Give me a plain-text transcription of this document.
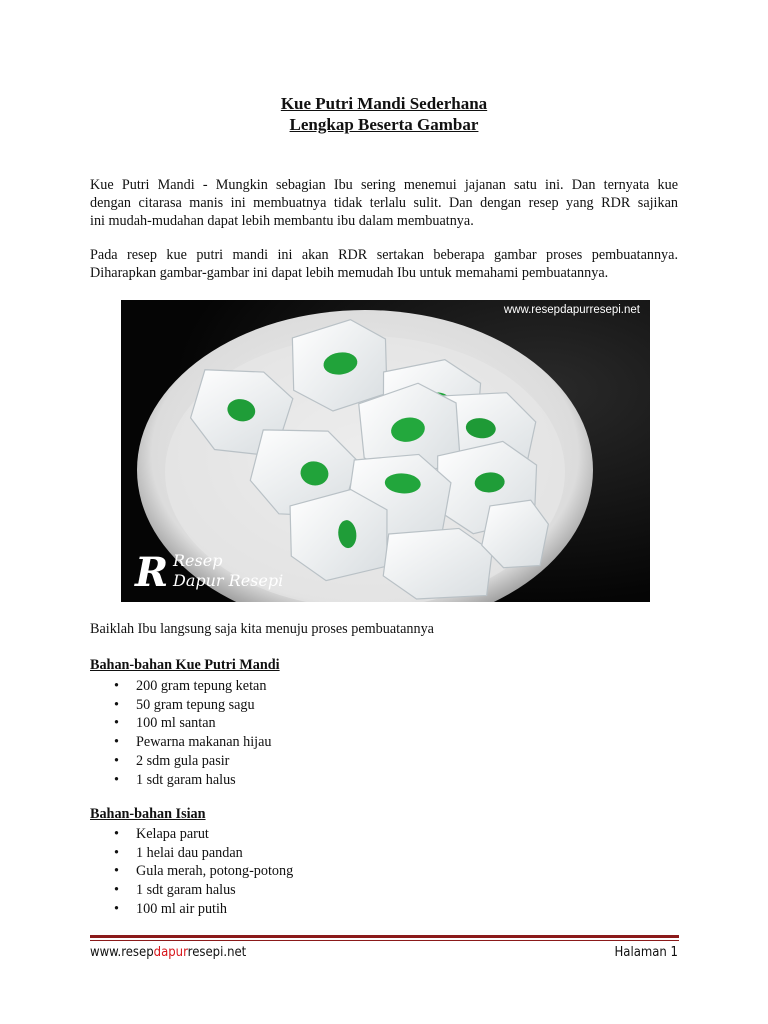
Kue Putri Mandi Sederhana
Lengkap Beserta Gambar
Kue Putri Mandi - Mungkin sebagian Ibu sering menemui jajanan satu ini. Dan ternyata kue
dengan citarasa manis ini membuatnya tidak terlalu sulit. Dan dengan resep yang RDR sajikan
ini mudah-mudahan dapat lebih membantu ibu dalam membuatnya.
Pada resep kue putri mandi ini akan RDR sertakan beberapa gambar proses pembuatannya.
Diharapkan gambar-gambar ini dapat lebih memudah Ibu untuk memahami pembuatannya.
R Resep
Dapur Resepi
www.resepdapurresepi.net
Baiklah Ibu langsung saja kita menuju proses pembuatannya
Bahan-bahan Kue Putri Mandi
• 200 gram tepung ketan
• 50 gram tepung sagu
• 100 ml santan
• Pewarna makanan hijau
• 2 sdm gula pasir
• 1 sdt garam halus
Bahan-bahan Isian
• Kelapa parut
• 1 helai dau pandan
• Gula merah, potong-potong
• 1 sdt garam halus
• 100 ml air putih
www.resepdapurresepi.net	Halaman 1
